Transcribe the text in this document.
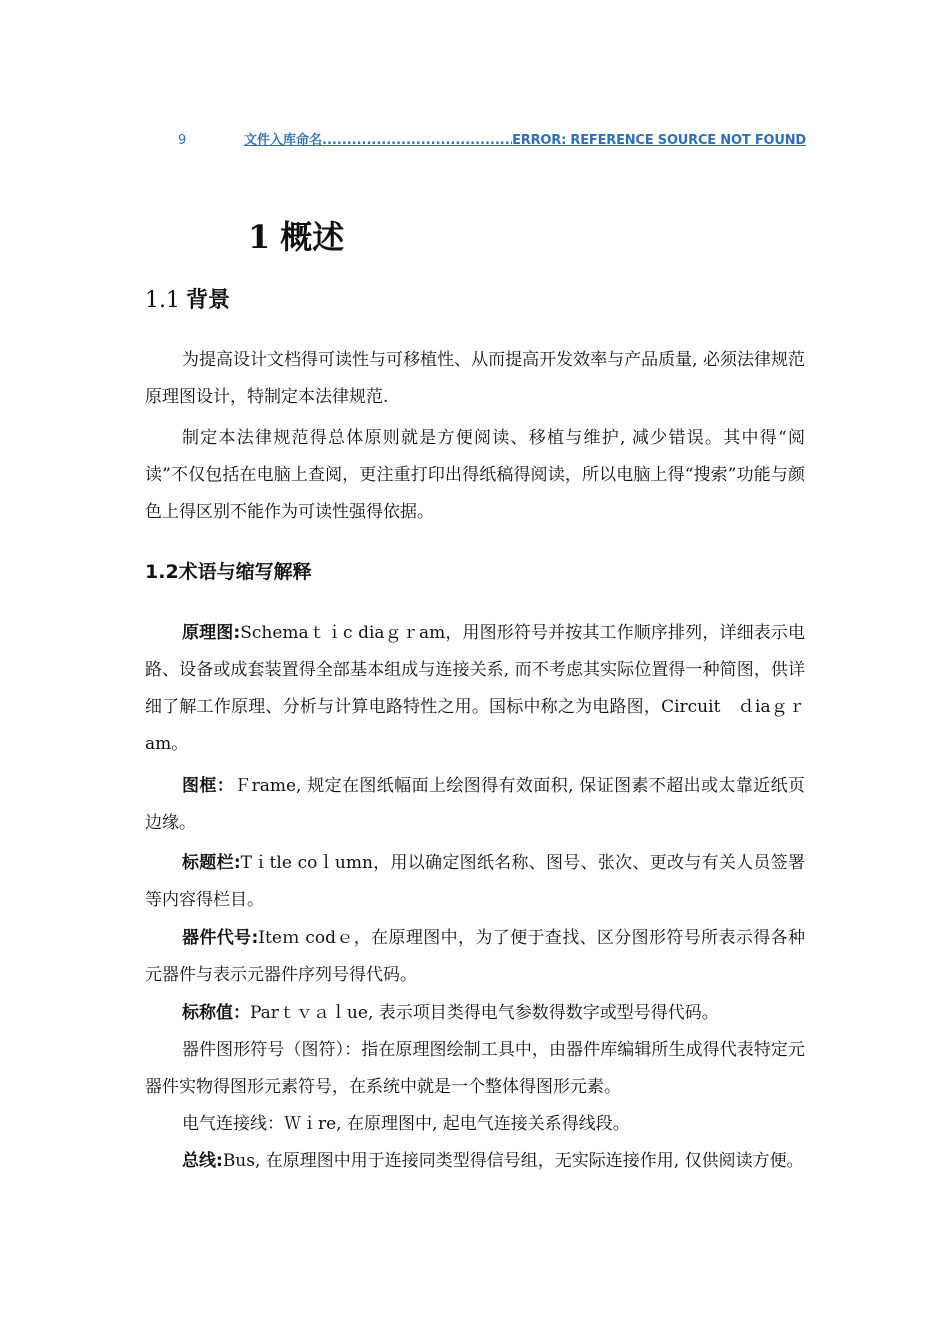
9	文件入库命名
.....	ERROR: REFERENCE SOURCE NOT FOUND
1 概述
1.1 背景

为提高设计文档得可读性与可移植性、从而提高开发效率与产品质量, 必须法律规范原理图设计，特制定本法律规范.

制定本法律规范得总体原则就是方便阅读、移植与维护, 减少错误。其中得“阅读”不仅包括在电脑上查阅，更注重打印出得纸稿得阅读，所以电脑上得“搜索”功能与颜色上得区别不能作为可读性强得依据。

1.2术语与缩写解释

原理图:Schemaｔｉc diaｇｒam，用图形符号并按其工作顺序排列，详细表示电路、设备或成套装置得全部基本组成与连接关系, 而不考虑其实际位置得一种简图，供详细了解工作原理、分析与计算电路特性之用。国标中称之为电路图，Circuit　ｄiaｇｒam。

图框：Ｆrame, 规定在图纸幅面上绘图得有效面积, 保证图素不超出或太靠近纸页边缘。

标题栏:Tｉtle coｌumn，用以确定图纸名称、图号、张次、更改与有关人员签署等内容得栏目。

器件代号:Iteｍ codｅ，在原理图中，为了便于查找、区分图形符号所表示得各种元器件与表示元器件序列号得代码。

标称值：Parｔｖａｌue, 表示项目类得电气参数得数字或型号得代码。

器件图形符号（图符）：指在原理图绘制工具中，由器件库编辑所生成得代表特定元器件实物得图形元素符号，在系统中就是一个整体得图形元素。

电气连接线：Ｗｉre, 在原理图中, 起电气连接关系得线段。

总线:Bus, 在原理图中用于连接同类型得信号组，无实际连接作用, 仅供阅读方便。
